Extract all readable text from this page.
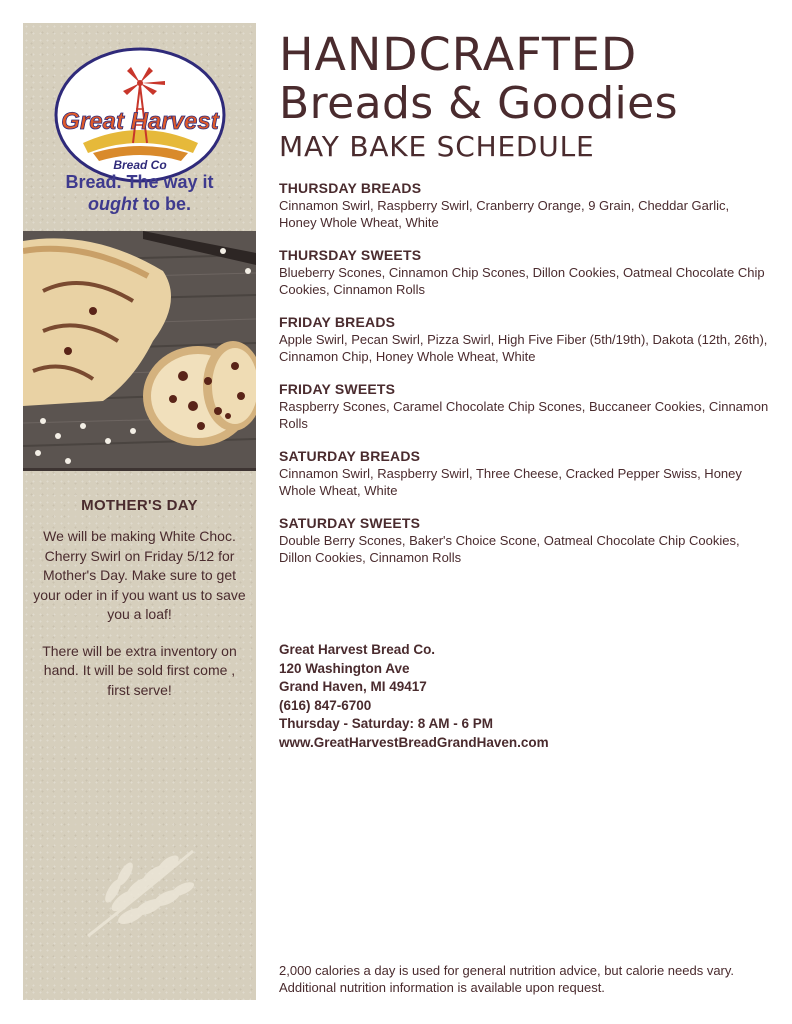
Great Harvest
Bread Co
Bread. The way it
ought to be.
MOTHER'S DAY

We will be making White Choc. Cherry Swirl on Friday 5/12 for Mother's Day. Make sure to get your oder in if you want us to save you a loaf!

There will be extra inventory on hand. It will be sold first come , first serve!

HANDCRAFTED
Breads & Goodies
MAY BAKE SCHEDULE
THURSDAY BREADS
Cinnamon Swirl, Raspberry Swirl, Cranberry Orange, 9 Grain, Cheddar Garlic, Honey Whole Wheat, White
THURSDAY SWEETS
Blueberry Scones, Cinnamon Chip Scones, Dillon Cookies, Oatmeal Chocolate Chip Cookies, Cinnamon Rolls
FRIDAY BREADS
Apple Swirl, Pecan Swirl, Pizza Swirl, High Five Fiber (5th/19th), Dakota (12th, 26th), Cinnamon Chip, Honey Whole Wheat, White
FRIDAY SWEETS
Raspberry Scones, Caramel Chocolate Chip Scones, Buccaneer Cookies, Cinnamon Rolls
SATURDAY BREADS
Cinnamon Swirl, Raspberry Swirl, Three Cheese, Cracked Pepper Swiss, Honey Whole Wheat, White
SATURDAY SWEETS
Double Berry Scones, Baker's Choice Scone, Oatmeal Chocolate Chip Cookies, Dillon Cookies, Cinnamon Rolls
Great Harvest Bread Co.
120 Washington Ave
Grand Haven, MI 49417
(616) 847-6700
Thursday - Saturday: 8 AM - 6 PM
www.GreatHarvestBreadGrandHaven.com
2,000 calories a day is used for general nutrition advice, but calorie needs vary. Additional nutrition information is available upon request.
